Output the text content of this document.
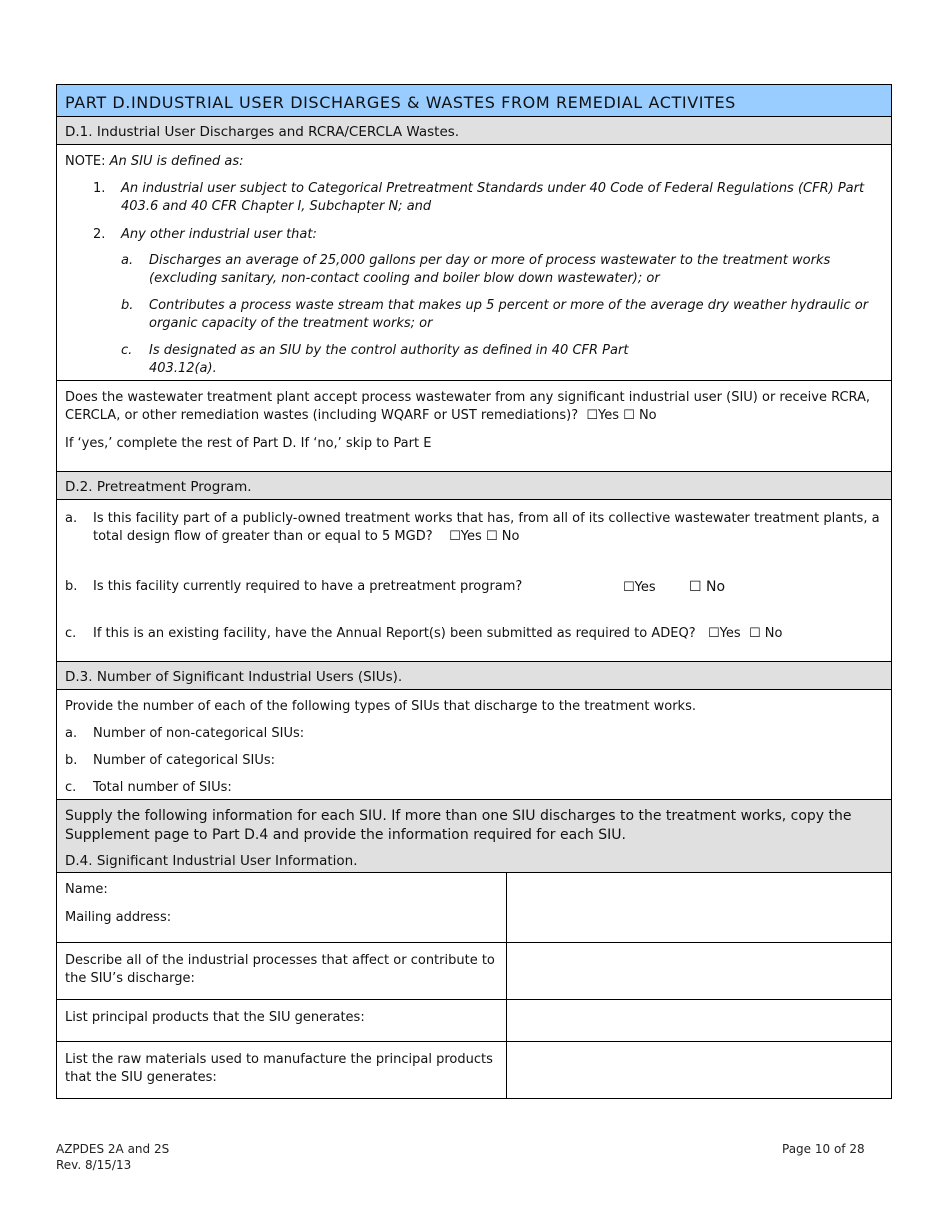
PART D.INDUSTRIAL USER DISCHARGES & WASTES FROM REMEDIAL ACTIVITES
D.1. Industrial User Discharges and RCRA/CERCLA Wastes.
NOTE: An SIU is defined as:
1. An industrial user subject to Categorical Pretreatment Standards under 40 Code of Federal Regulations (CFR) Part 403.6 and 40 CFR Chapter I, Subchapter N; and
2. Any other industrial user that:
a. Discharges an average of 25,000 gallons per day or more of process wastewater to the treatment works (excluding sanitary, non-contact cooling and boiler blow down wastewater); or
b. Contributes a process waste stream that makes up 5 percent or more of the average dry weather hydraulic or organic capacity of the treatment works; or
c. Is designated as an SIU by the control authority as defined in 40 CFR Part 403.12(a).
Does the wastewater treatment plant accept process wastewater from any significant industrial user (SIU) or receive RCRA, CERCLA, or other remediation wastes (including WQARF or UST remediations)? ☐Yes ☐ No
If ‘yes,’ complete the rest of Part D. If ‘no,’ skip to Part E
D.2. Pretreatment Program.
a. Is this facility part of a publicly-owned treatment works that has, from all of its collective wastewater treatment plants, a total design flow of greater than or equal to 5 MGD? ☐Yes ☐ No
b. Is this facility currently required to have a pretreatment program?	☐Yes ☐ No
c. If this is an existing facility, have the Annual Report(s) been submitted as required to ADEQ? ☐Yes ☐ No
D.3. Number of Significant Industrial Users (SIUs).
Provide the number of each of the following types of SIUs that discharge to the treatment works.
a. Number of non-categorical SIUs:
b. Number of categorical SIUs:
c. Total number of SIUs:
Supply the following information for each SIU. If more than one SIU discharges to the treatment works, copy the Supplement page to Part D.4 and provide the information required for each SIU.
D.4. Significant Industrial User Information.
Name:
Mailing address:
Describe all of the industrial processes that affect or contribute to the SIU’s discharge:
List principal products that the SIU generates:
List the raw materials used to manufacture the principal products that the SIU generates:
AZPDES 2A and 2S
Rev. 8/15/13
Page 10 of 28
